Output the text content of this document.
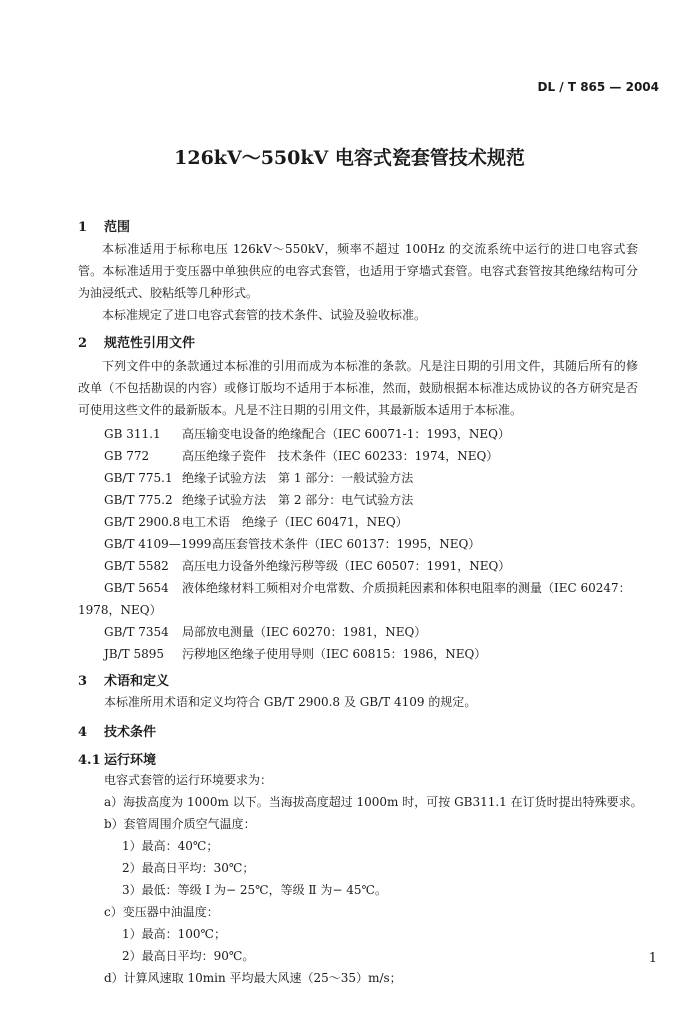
DL / T 865 — 2004
126kV～550kV 电容式瓷套管技术规范
1 范围
本标准适用于标称电压 126kV～550kV，频率不超过 100Hz 的交流系统中运行的进口电容式套管。本标准适用于变压器中单独供应的电容式套管，也适用于穿墙式套管。电容式套管按其绝缘结构可分为油浸纸式、胶粘纸等几种形式。
本标准规定了进口电容式套管的技术条件、试验及验收标准。
2 规范性引用文件
下列文件中的条款通过本标准的引用而成为本标准的条款。凡是注日期的引用文件，其随后所有的修改单（不包括勘误的内容）或修订版均不适用于本标准，然而，鼓励根据本标准达成协议的各方研究是否可使用这些文件的最新版本。凡是不注日期的引用文件，其最新版本适用于本标准。
GB 311.1 高压输变电设备的绝缘配合（IEC 60071-1：1993，NEQ）
GB 772	高压绝缘子瓷件　技术条件（IEC 60233：1974，NEQ）
GB/T 775.1 绝缘子试验方法　第 1 部分：一般试验方法
GB/T 775.2 绝缘子试验方法　第 2 部分：电气试验方法
GB/T 2900.8 电工术语　绝缘子（IEC 60471，NEQ）
GB/T 4109—1999高压套管技术条件（IEC 60137：1995，NEQ）
GB/T 5582 高压电力设备外绝缘污秽等级（IEC 60507：1991，NEQ）
GB/T 5654 液体绝缘材料工频相对介电常数、介质损耗因素和体积电阻率的测量（IEC 60247：
1978，NEQ）
GB/T 7354 局部放电测量（IEC 60270：1981，NEQ）
JB/T 5895 污秽地区绝缘子使用导则（IEC 60815：1986，NEQ）
3 术语和定义
本标准所用术语和定义均符合 GB/T 2900.8 及 GB/T 4109 的规定。
4 技术条件
4.1 运行环境
电容式套管的运行环境要求为：
a）海拔高度为 1000m 以下。当海拔高度超过 1000m 时，可按 GB311.1 在订货时提出特殊要求。
b）套管周围介质空气温度：
1）最高：40℃；
2）最高日平均：30℃；
3）最低：等级 Ⅰ 为− 25℃，等级 Ⅱ 为− 45℃。
c）变压器中油温度：
1）最高：100℃；
2）最高日平均：90℃。
d）计算风速取 10min 平均最大风速（25～35）m/s；
1
